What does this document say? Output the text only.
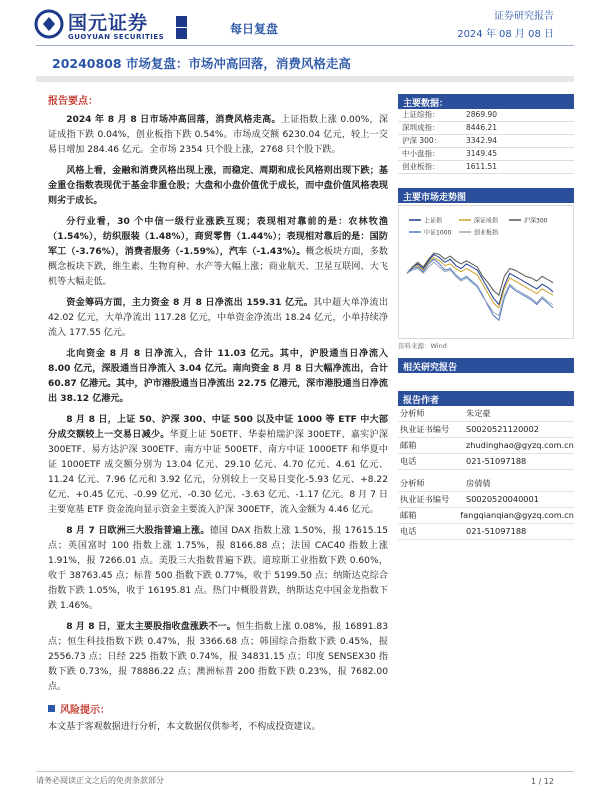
国元证券
GUOYUAN SECURITIES
每日复盘
证券研究报告
2024 年 08 月 08 日
20240808 市场复盘：市场冲高回落，消费风格走高
报告要点：

2024 年 8 月 8 日市场冲高回落，消费风格走高。上证指数上涨 0.00%，深证成指下跌 0.04%，创业板指下跌 0.54%。市场成交额 6230.04 亿元，较上一交易日增加 284.46 亿元。全市场 2354 只个股上涨，2768 只个股下跌。

风格上看，金融和消费风格出现上涨，而稳定、周期和成长风格则出现下跌；基金重仓指数表现优于基金非重仓股；大盘和小盘价值优于成长，而中盘价值风格表现则劣于成长。

分行业看，30 个中信一级行业涨跌互现；表现相对靠前的是：农林牧渔（1.54%），纺织服装（1.48%），商贸零售（1.44%）；表现相对靠后的是：国防军工（-3.76%），消费者服务（-1.59%），汽车（-1.43%）。概念板块方面，多数概念板块下跌，维生素、生物育种、水产等大幅上涨；商业航天、卫星互联网、大飞机等大幅走低。

资金筹码方面，主力资金 8 月 8 日净流出 159.31 亿元。其中超大单净流出 42.02 亿元，大单净流出 117.28 亿元，中单资金净流出 18.24 亿元，小单持续净流入 177.55 亿元。

北向资金 8 月 8 日净流入，合计 11.03 亿元。其中，沪股通当日净流入 8.00 亿元，深股通当日净流入 3.04 亿元。南向资金 8 月 8 日大幅净流出，合计 60.87 亿港元。其中，沪市港股通当日净流出 22.75 亿港元，深市港股通当日净流出 38.12 亿港元。

8 月 8 日，上证 50、沪深 300、中证 500 以及中证 1000 等 ETF 中大部分成交额较上一交易日减少。华夏上证 50ETF、华泰柏瑞沪深 300ETF、嘉实沪深 300ETF、易方达沪深 300ETF、南方中证 500ETF、南方中证 1000ETF 和华夏中证 1000ETF 成交额分别为 13.04 亿元、29.10 亿元、4.70 亿元、4.61 亿元、11.24 亿元、7.96 亿元和 3.92 亿元，分别较上一交易日变化-5.93 亿元、+8.22 亿元、+0.45 亿元、-0.99 亿元、-0.30 亿元、-3.63 亿元、-1.17 亿元。8 月 7 日主要宽基 ETF 资金流向显示资金主要流入沪深 300ETF，流入金额为 4.46 亿元。

8 月 7 日欧洲三大股指普遍上涨。德国 DAX 指数上涨 1.50%，报 17615.15 点；英国富时 100 指数上涨 1.75%，报 8166.88 点；法国 CAC40 指数上涨 1.91%，报 7266.01 点。美股三大指数普遍下跌。道琼斯工业指数下跌 0.60%，收于 38763.45 点；标普 500 指数下跌 0.77%，收于 5199.50 点；纳斯达克综合指数下跌 1.05%，收于 16195.81 点。热门中概股普跌，纳斯达克中国金龙指数下跌 1.46%。

8 月 8 日，亚太主要股指收盘涨跌不一。恒生指数上涨 0.08%，报 16891.83 点；恒生科技指数下跌 0.47%，报 3366.68 点；韩国综合指数下跌 0.45%，报 2556.73 点；日经 225 指数下跌 0.74%，报 34831.15 点；印度 SENSEX30 指数下跌 0.73%，报 78886.22 点；澳洲标普 200 指数下跌 0.23%，报 7682.00 点。

风险提示：
本文基于客观数据进行分析，本文数据仅供参考，不构成投资建议。
主要数据：
上证综指：	2869.90
深圳成指：	8446.21
沪深 300：	3342.94
中小盘指：	3149.45
创业板指：	1611.51
主要市场走势图
上证指	深证成指	沪深300
中证1000	创业板指
资料来源：Wind
相关研究报告
报告作者
分析师	朱定豪
执业证书编号	S0020521120002
邮箱	zhudinghao@gyzq.com.cn
电话	021-51097188
分析师	房倩倩
执业证书编号	S0020520040001
邮箱	fangqianqian@gyzq.com.cn
电话	021-51097188
请务必阅读正文之后的免责条款部分	1 / 12
